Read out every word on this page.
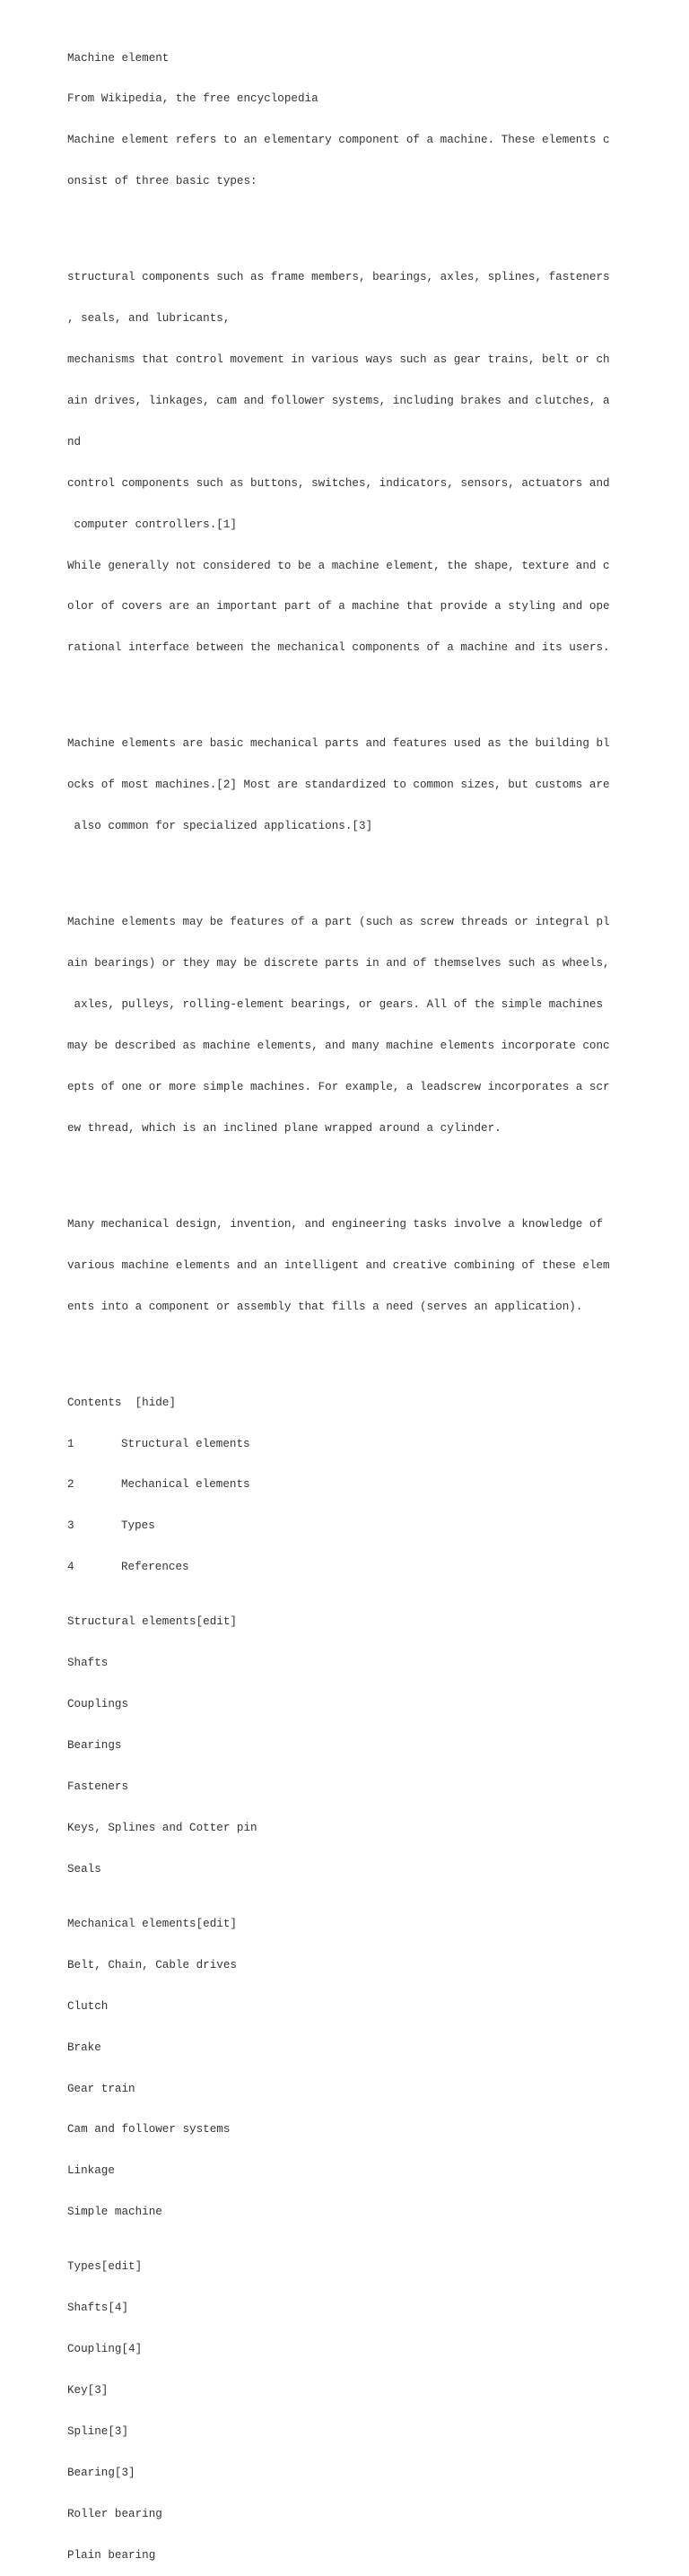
Machine element

From Wikipedia, the free encyclopedia

Machine element refers to an elementary component of a machine. These elements c

onsist of three basic types:

structural components such as frame members, bearings, axles, splines, fasteners

, seals, and lubricants,

mechanisms that control movement in various ways such as gear trains, belt or ch

ain drives, linkages, cam and follower systems, including brakes and clutches, a

nd

control components such as buttons, switches, indicators, sensors, actuators and

computer controllers.[1]

While generally not considered to be a machine element, the shape, texture and c

olor of covers are an important part of a machine that provide a styling and ope

rational interface between the mechanical components of a machine and its users.

Machine elements are basic mechanical parts and features used as the building bl

ocks of most machines.[2] Most are standardized to common sizes, but customs are

also common for specialized applications.[3]

Machine elements may be features of a part (such as screw threads or integral pl

ain bearings) or they may be discrete parts in and of themselves such as wheels,

axles, pulleys, rolling-element bearings, or gears. All of the simple machines

may be described as machine elements, and many machine elements incorporate conc

epts of one or more simple machines. For example, a leadscrew incorporates a scr

ew thread, which is an inclined plane wrapped around a cylinder.

Many mechanical design, invention, and engineering tasks involve a knowledge of

various machine elements and an intelligent and creative combining of these elem

ents into a component or assembly that fills a need (serves an application).

Contents [hide]

1	Structural elements

2	Mechanical elements

3	Types

4	References

Structural elements[edit]

Shafts

Couplings

Bearings

Fasteners

Keys, Splines and Cotter pin

Seals

Mechanical elements[edit]

Belt, Chain, Cable drives

Clutch

Brake

Gear train

Cam and follower systems

Linkage

Simple machine

Types[edit]

Shafts[4]

Coupling[4]

Key[3]

Spline[3]

Bearing[3]

Roller bearing

Plain bearing
